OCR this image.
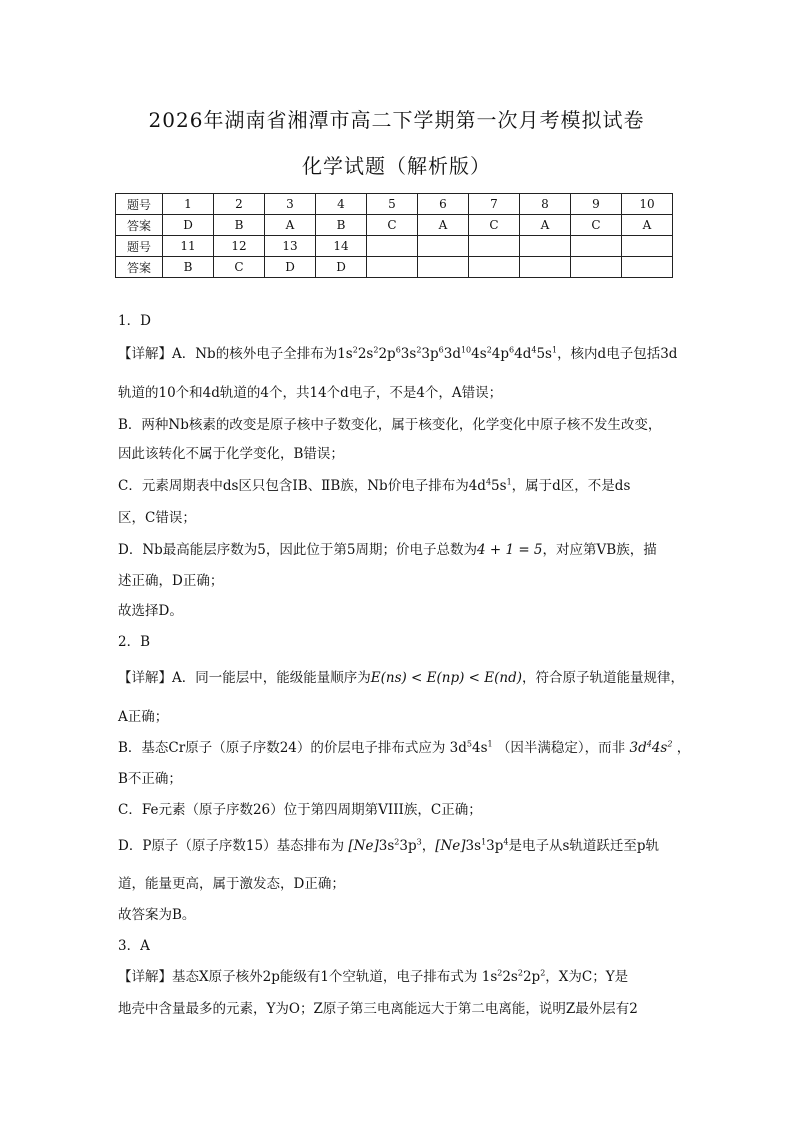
2026年湖南省湘潭市高二下学期第一次月考模拟试卷
化学试题（解析版）
题号	1	2	3	4	5	6	7	8	9	10
答案	D	B	A	B	C	A	C	A	C	A
题号	11	12	13	14						
答案	B	C	D	D						
1．D
【详解】A．Nb的核外电子全排布为$1s^22s^22p^63s^23p^63d^{10}4s^24p^64d^45s^1$，核内d电子包括3d
轨道的10个和4d轨道的4个，共14个d电子，不是4个，A错误；
B．两种Nb核素的改变是原子核中子数变化，属于核变化，化学变化中原子核不发生改变，
因此该转化不属于化学变化，B错误；
C．元素周期表中ds区只包含ⅠB、ⅡB族，Nb价电子排布为$4d^45s^1$，属于d区，不是ds
区，C错误；
D．Nb最高能层序数为5，因此位于第5周期；价电子总数为4 + 1 = 5，对应第ⅤB族，描
述正确，D正确；
故选择D。
2．B
【详解】A．同一能层中，能级能量顺序为E(ns) < E(np) < E(nd)，符合原子轨道能量规律，
A正确；
B．基态Cr原子（原子序数24）的价层电子排布式应为 $3d^54s^1$ （因半满稳定），而非 $3d^44s^2$ ，
B不正确；
C．Fe元素（原子序数26）位于第四周期第VIII族，C正确；
D．P原子（原子序数15）基态排布为 $[Ne]3s^23p^3$，$[Ne]3s^13p^4$是电子从s轨道跃迁至p轨
道，能量更高，属于激发态，D正确；
故答案为B。
3．A
【详解】基态X原子核外2p能级有1个空轨道，电子排布式为 $1s^22s^22p^2$，X为C；Y是
地壳中含量最多的元素，Y为O；Z原子第三电离能远大于第二电离能，说明Z最外层有2
